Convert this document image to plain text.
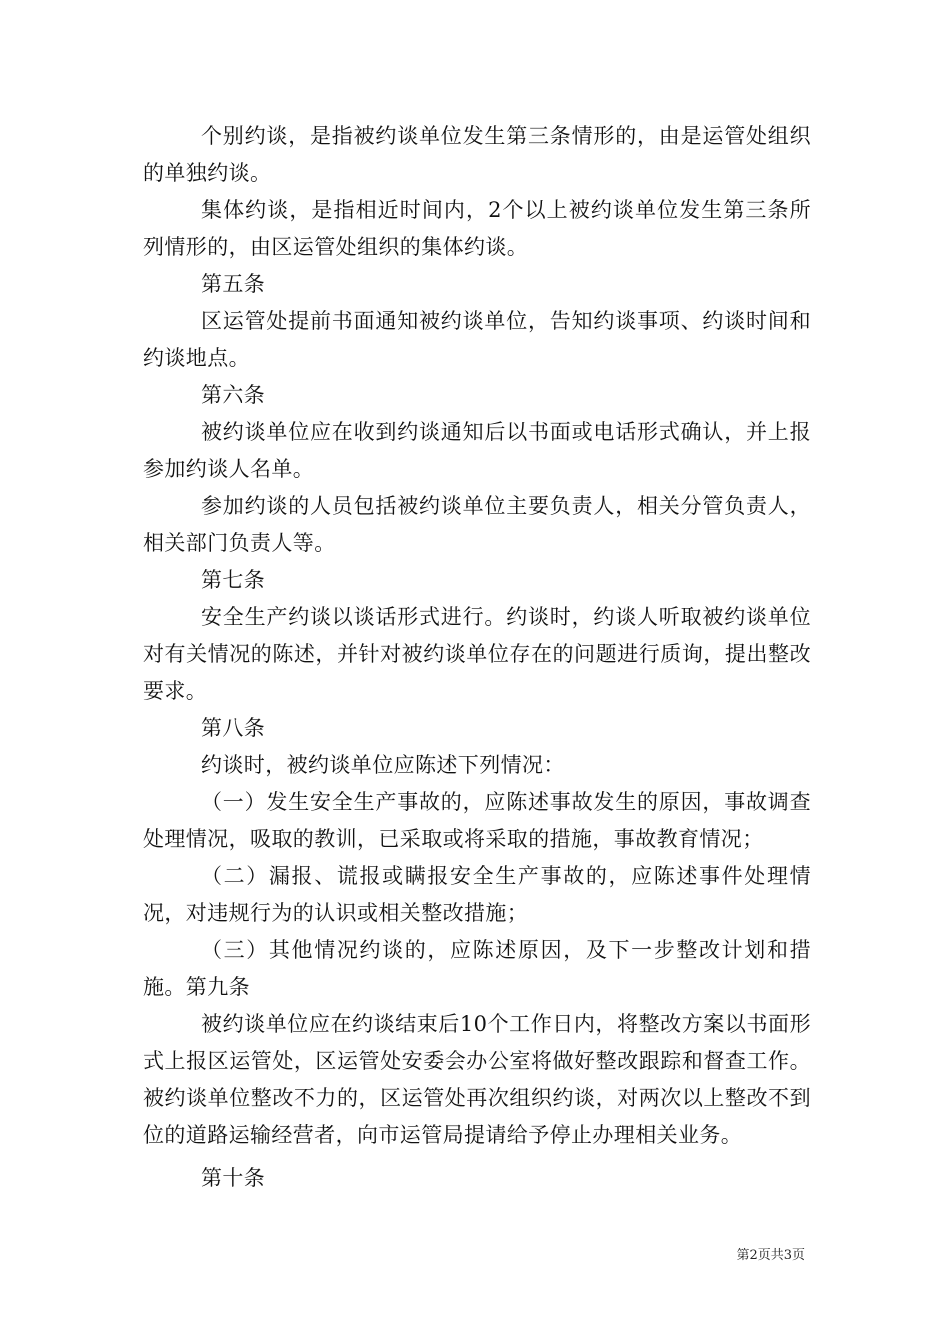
个别约谈，是指被约谈单位发生第三条情形的，由是运管处组织的单独约谈。

集体约谈，是指相近时间内，2个以上被约谈单位发生第三条所列情形的，由区运管处组织的集体约谈。

第五条

区运管处提前书面通知被约谈单位，告知约谈事项、约谈时间和约谈地点。

第六条

被约谈单位应在收到约谈通知后以书面或电话形式确认，并上报参加约谈人名单。

参加约谈的人员包括被约谈单位主要负责人，相关分管负责人，相关部门负责人等。

第七条

安全生产约谈以谈话形式进行。约谈时，约谈人听取被约谈单位对有关情况的陈述，并针对被约谈单位存在的问题进行质询，提出整改要求。

第八条

约谈时，被约谈单位应陈述下列情况：

（一）发生安全生产事故的，应陈述事故发生的原因，事故调查处理情况，吸取的教训，已采取或将采取的措施，事故教育情况；

（二）漏报、谎报或瞒报安全生产事故的，应陈述事件处理情况，对违规行为的认识或相关整改措施；

（三）其他情况约谈的，应陈述原因，及下一步整改计划和措施。第九条

被约谈单位应在约谈结束后10个工作日内，将整改方案以书面形式上报区运管处，区运管处安委会办公室将做好整改跟踪和督查工作。被约谈单位整改不力的，区运管处再次组织约谈，对两次以上整改不到位的道路运输经营者，向市运管局提请给予停止办理相关业务。

第十条

第2页共3页
